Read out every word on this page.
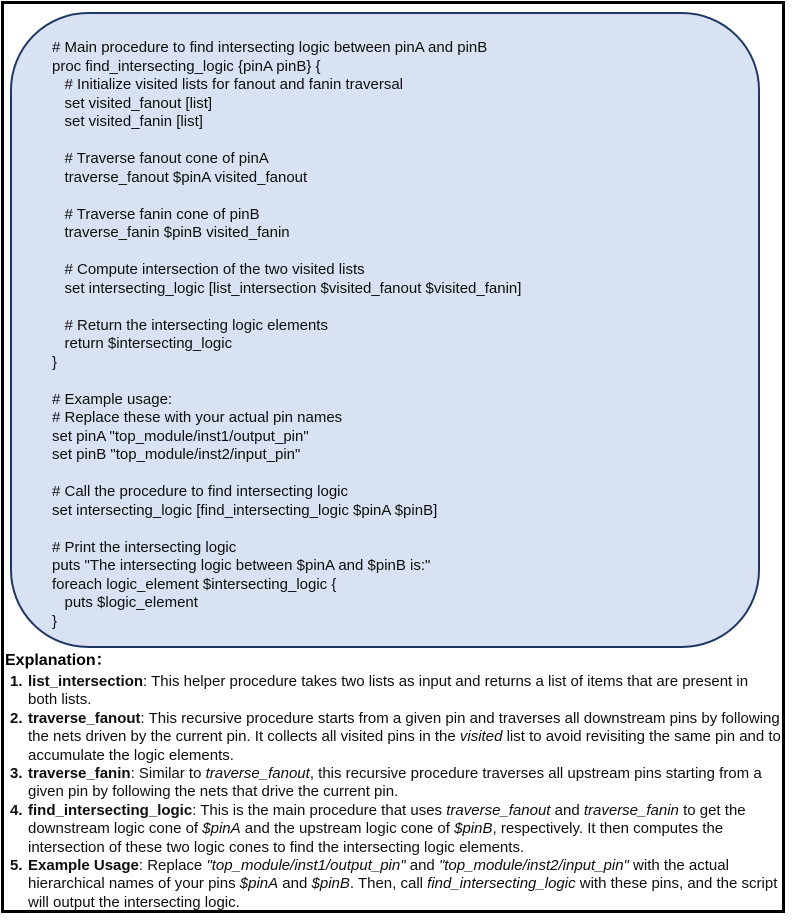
# Main procedure to find intersecting logic between pinA and pinB
proc find_intersecting_logic {pinA pinB} {
# Initialize visited lists for fanout and fanin traversal
set visited_fanout [list]
set visited_fanin [list]

# Traverse fanout cone of pinA
traverse_fanout $pinA visited_fanout

# Traverse fanin cone of pinB
traverse_fanin $pinB visited_fanin

# Compute intersection of the two visited lists
set intersecting_logic [list_intersection $visited_fanout $visited_fanin]

# Return the intersecting logic elements
return $intersecting_logic
}

# Example usage:
# Replace these with your actual pin names
set pinA "top_module/inst1/output_pin"
set pinB "top_module/inst2/input_pin"

# Call the procedure to find intersecting logic
set intersecting_logic [find_intersecting_logic $pinA $pinB]

# Print the intersecting logic
puts "The intersecting logic between $pinA and $pinB is:"
foreach logic_element $intersecting_logic {
puts $logic_element
}
Explanation：
1. list_intersection: This helper procedure takes two lists as input and returns a list of items that are present in both lists.
2. traverse_fanout: This recursive procedure starts from a given pin and traverses all downstream pins by following the nets driven by the current pin. It collects all visited pins in the visited list to avoid revisiting the same pin and to accumulate the logic elements.
3. traverse_fanin: Similar to traverse_fanout, this recursive procedure traverses all upstream pins starting from a given pin by following the nets that drive the current pin.
4. find_intersecting_logic: This is the main procedure that uses traverse_fanout and traverse_fanin to get the downstream logic cone of $pinA and the upstream logic cone of $pinB, respectively. It then computes the intersection of these two logic cones to find the intersecting logic elements.
5. Example Usage: Replace "top_module/inst1/output_pin" and "top_module/inst2/input_pin" with the actual hierarchical names of your pins $pinA and $pinB. Then, call find_intersecting_logic with these pins, and the script will output the intersecting logic.
